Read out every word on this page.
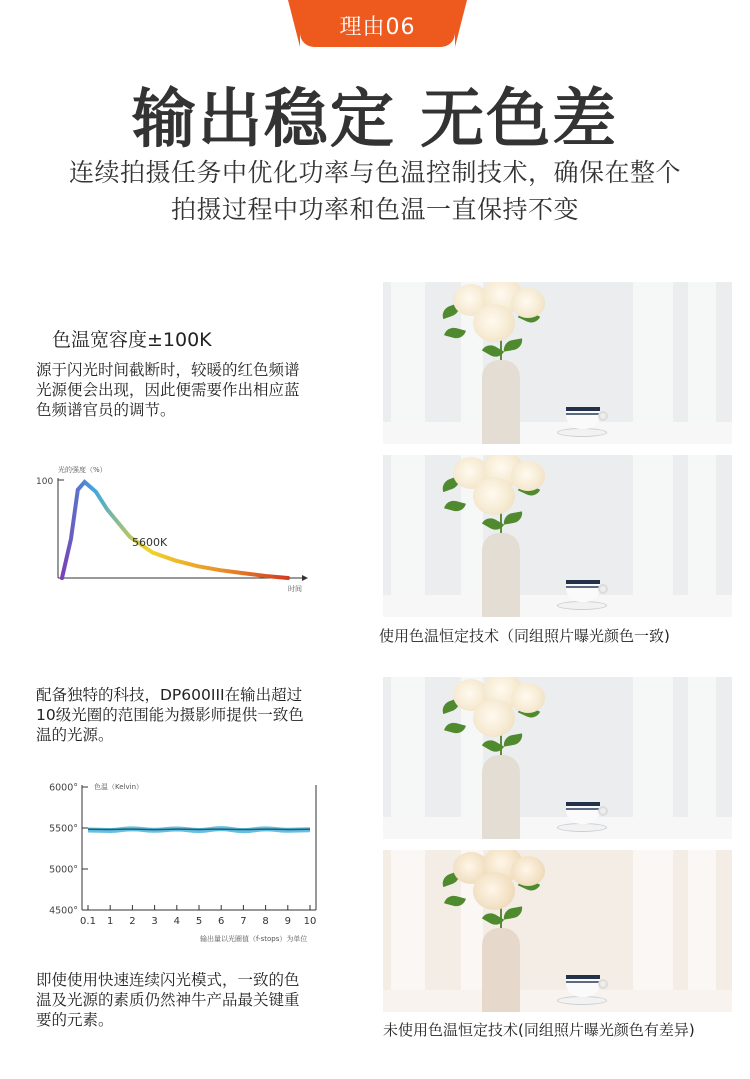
理由06
输出稳定 无色差
连续拍摄任务中优化功率与色温控制技术，确保在整个
拍摄过程中功率和色温一直保持不变
色温宽容度±100K
源于闪光时间截断时，较暖的红色频谱
光源便会出现，因此便需要作出相应蓝
色频谱官员的调节。
光的强度（%）
100
5600K
时间
配备独特的科技，DP600III在输出超过
10级光圈的范围能为摄影师提供一致色
温的光源。
6000°
5500°
5000°
4500°
色温（Kelvin）
0.1 1 2 3 4 5 6 7 8 9 10
输出量以光圈值（f-stops）为单位
即使使用快速连续闪光模式，一致的色
温及光源的素质仍然神牛产品最关键重
要的元素。
使用色温恒定技术（同组照片曝光颜色一致)
未使用色温恒定技术(同组照片曝光颜色有差异)
